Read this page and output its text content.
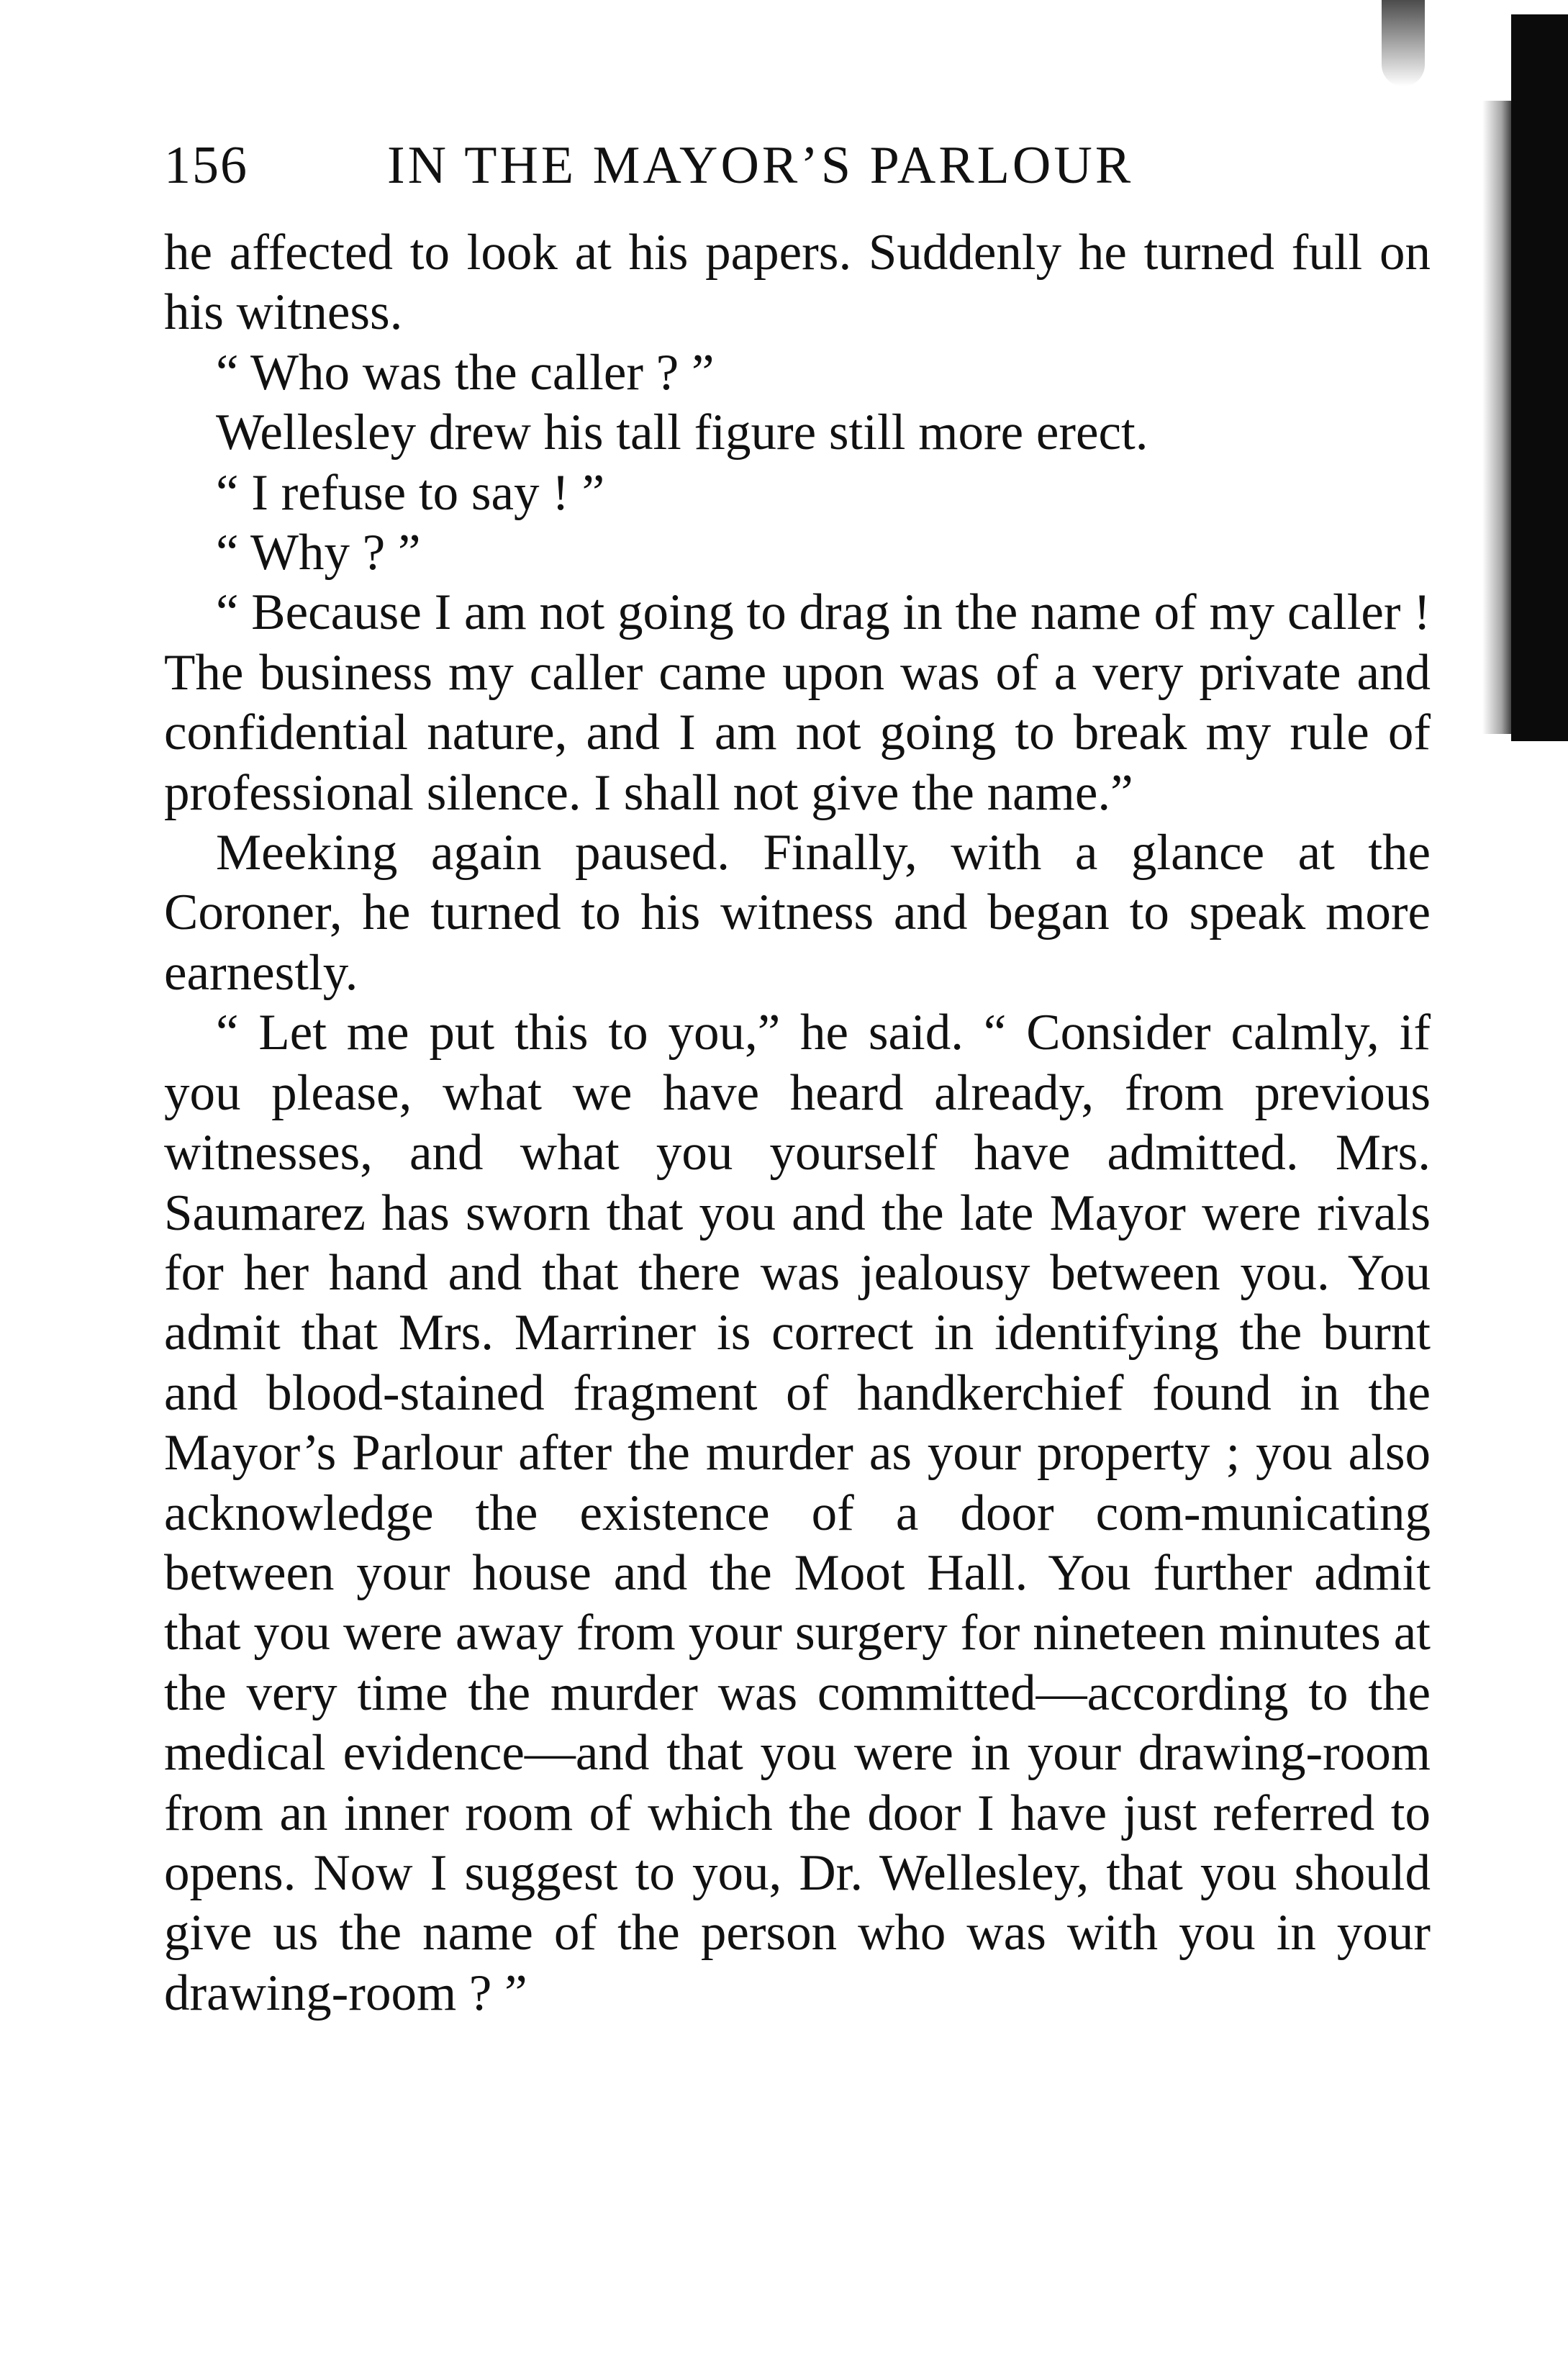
156	IN THE MAYOR’S PARLOUR

he affected to look at his papers. Suddenly he turned full on his witness.

“ Who was the caller ? ”

Wellesley drew his tall figure still more erect.

“ I refuse to say ! ”

“ Why ? ”

“ Because I am not going to drag in the name of my caller ! The business my caller came upon was of a very private and confidential nature, and I am not going to break my rule of professional silence. I shall not give the name.”

Meeking again paused. Finally, with a glance at the Coroner, he turned to his witness and began to speak more earnestly.

“ Let me put this to you,” he said. “ Consider calmly, if you please, what we have heard already, from previous witnesses, and what you yourself have admitted. Mrs. Saumarez has sworn that you and the late Mayor were rivals for her hand and that there was jealousy between you. You admit that Mrs. Marriner is correct in identifying the burnt and blood-stained fragment of handkerchief found in the Mayor’s Parlour after the murder as your property ; you also acknowledge the existence of a door com-municating between your house and the Moot Hall. You further admit that you were away from your surgery for nineteen minutes at the very time the murder was committed—according to the medical evidence—and that you were in your drawing-room from an inner room of which the door I have just referred to opens. Now I suggest to you, Dr. Wellesley, that you should give us the name of the person who was with you in your drawing-room ? ”
